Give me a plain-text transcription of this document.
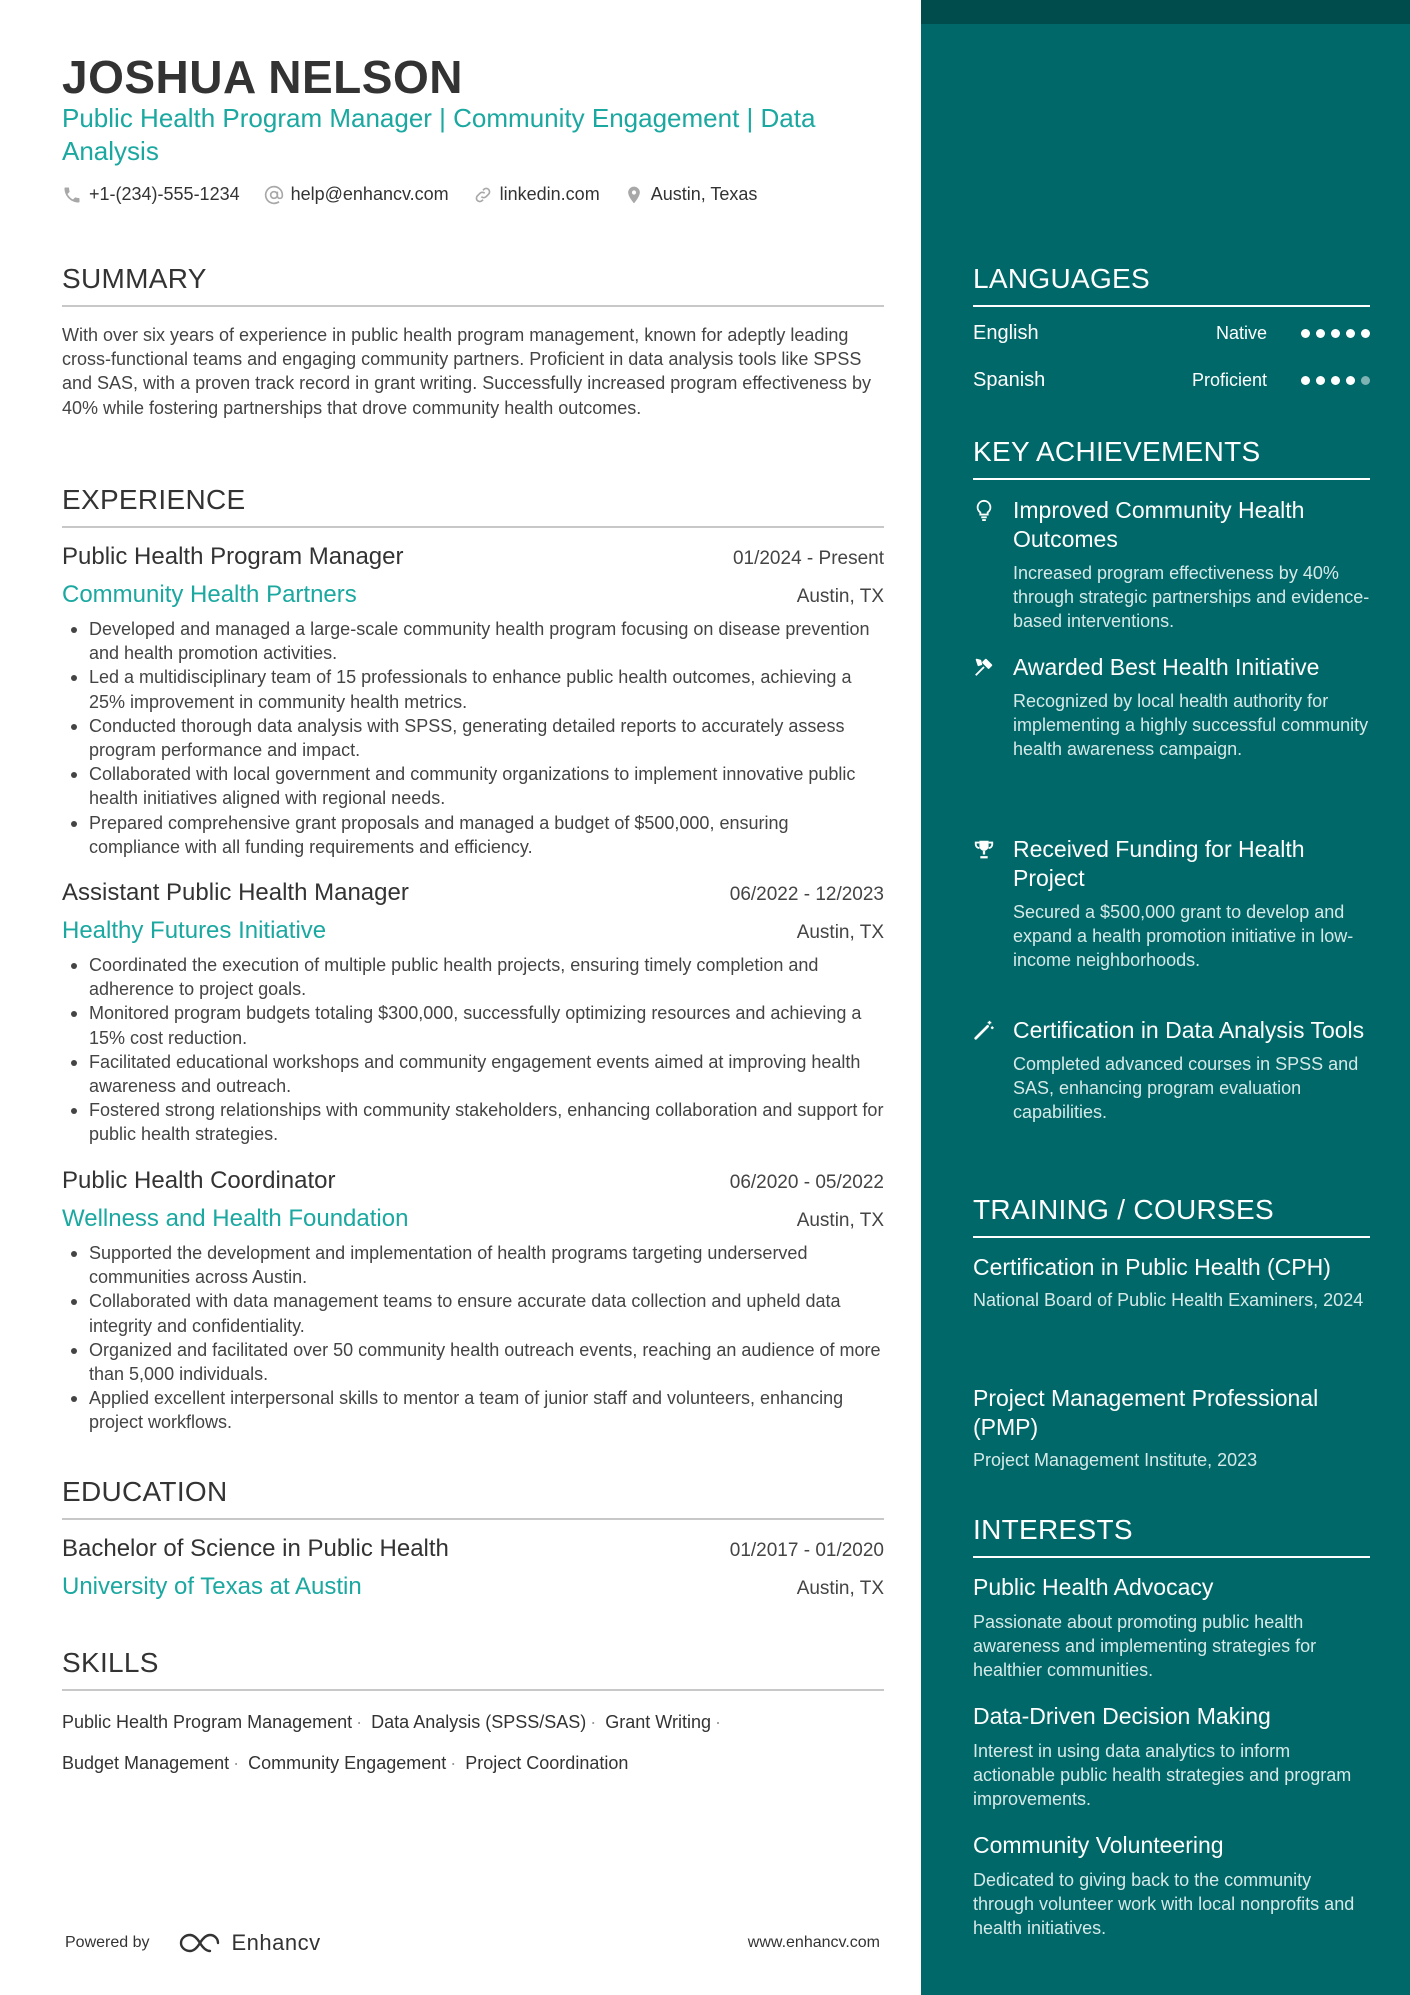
JOSHUA NELSON
Public Health Program Manager | Community Engagement | Data Analysis
+1-(234)-555-1234	help@enhancv.com	linkedin.com	Austin, Texas
SUMMARY
With over six years of experience in public health program management, known for adeptly leading cross-functional teams and engaging community partners. Proficient in data analysis tools like SPSS and SAS, with a proven track record in grant writing. Successfully increased program effectiveness by 40% while fostering partnerships that drove community health outcomes.
EXPERIENCE
Public Health Program Manager	01/2024 - Present
Community Health Partners	Austin, TX
Developed and managed a large-scale community health program focusing on disease prevention and health promotion activities.
Led a multidisciplinary team of 15 professionals to enhance public health outcomes, achieving a 25% improvement in community health metrics.
Conducted thorough data analysis with SPSS, generating detailed reports to accurately assess program performance and impact.
Collaborated with local government and community organizations to implement innovative public health initiatives aligned with regional needs.
Prepared comprehensive grant proposals and managed a budget of $500,000, ensuring compliance with all funding requirements and efficiency.
Assistant Public Health Manager	06/2022 - 12/2023
Healthy Futures Initiative	Austin, TX
Coordinated the execution of multiple public health projects, ensuring timely completion and adherence to project goals.
Monitored program budgets totaling $300,000, successfully optimizing resources and achieving a 15% cost reduction.
Facilitated educational workshops and community engagement events aimed at improving health awareness and outreach.
Fostered strong relationships with community stakeholders, enhancing collaboration and support for public health strategies.
Public Health Coordinator	06/2020 - 05/2022
Wellness and Health Foundation	Austin, TX
Supported the development and implementation of health programs targeting underserved communities across Austin.
Collaborated with data management teams to ensure accurate data collection and upheld data integrity and confidentiality.
Organized and facilitated over 50 community health outreach events, reaching an audience of more than 5,000 individuals.
Applied excellent interpersonal skills to mentor a team of junior staff and volunteers, enhancing project workflows.
EDUCATION
Bachelor of Science in Public Health	01/2017 - 01/2020
University of Texas at Austin	Austin, TX
SKILLS
Public Health Program Management · Data Analysis (SPSS/SAS) · Grant Writing ·
Budget Management · Community Engagement · Project Coordination
Powered by	Enhancv	www.enhancv.com
LANGUAGES
English	Native
Spanish	Proficient
KEY ACHIEVEMENTS
Improved Community Health Outcomes
Increased program effectiveness by 40% through strategic partnerships and evidence-based interventions.
Awarded Best Health Initiative
Recognized by local health authority for implementing a highly successful community health awareness campaign.
Received Funding for Health Project
Secured a $500,000 grant to develop and expand a health promotion initiative in low-income neighborhoods.
Certification in Data Analysis Tools
Completed advanced courses in SPSS and SAS, enhancing program evaluation capabilities.
TRAINING / COURSES
Certification in Public Health (CPH)
National Board of Public Health Examiners, 2024
Project Management Professional (PMP)
Project Management Institute, 2023
INTERESTS
Public Health Advocacy
Passionate about promoting public health awareness and implementing strategies for healthier communities.
Data-Driven Decision Making
Interest in using data analytics to inform actionable public health strategies and program improvements.
Community Volunteering
Dedicated to giving back to the community through volunteer work with local nonprofits and health initiatives.
